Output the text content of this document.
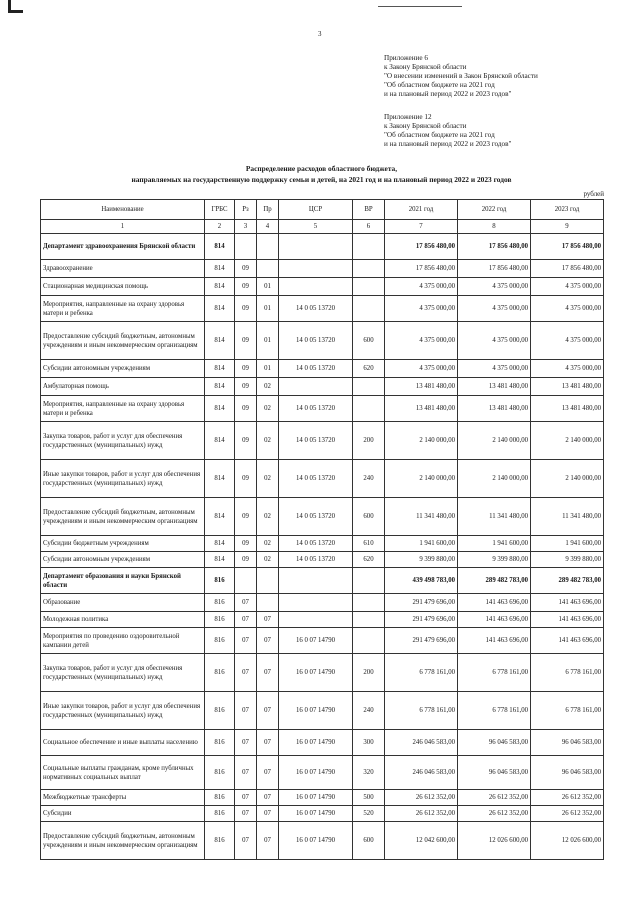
3
Приложение 6
к Закону Брянской области
"О внесении изменений в Закон Брянской области
"Об областном бюджете на 2021 год
и на плановый период 2022 и 2023 годов"
Приложение 12
к Закону Брянской области
"Об областном бюджете на 2021 год
и на плановый период 2022 и 2023 годов"
Распределение расходов областного бюджета,
направляемых на государственную поддержку семьи и детей, на 2021 год и на плановый период 2022 и 2023 годов
рублей
Наименование	ГРБС	Рз	Пр	ЦСР	ВР	2021 год	2022 год	2023 год
1	2	3	4	5	6	7	8	9
Департамент здравоохранения Брянской области	814					17 856 480,00	17 856 480,00	17 856 480,00
Здравоохранение	814	09				17 856 480,00	17 856 480,00	17 856 480,00
Стационарная медицинская помощь	814	09	01			4 375 000,00	4 375 000,00	4 375 000,00
Мероприятия, направленные на охрану здоровья матери и ребенка	814	09	01	14 0 05 13720		4 375 000,00	4 375 000,00	4 375 000,00
Предоставление субсидий бюджетным, автономным учреждениям и иным некоммерческим организациям	814	09	01	14 0 05 13720	600	4 375 000,00	4 375 000,00	4 375 000,00
Субсидии автономным учреждениям	814	09	01	14 0 05 13720	620	4 375 000,00	4 375 000,00	4 375 000,00
Амбулаторная помощь	814	09	02			13 481 480,00	13 481 480,00	13 481 480,00
Мероприятия, направленные на охрану здоровья матери и ребенка	814	09	02	14 0 05 13720		13 481 480,00	13 481 480,00	13 481 480,00
Закупка товаров, работ и услуг для обеспечения государственных (муниципальных) нужд	814	09	02	14 0 05 13720	200	2 140 000,00	2 140 000,00	2 140 000,00
Иные закупки товаров, работ и услуг для обеспечения государственных (муниципальных) нужд	814	09	02	14 0 05 13720	240	2 140 000,00	2 140 000,00	2 140 000,00
Предоставление субсидий бюджетным, автономным учреждениям и иным некоммерческим организациям	814	09	02	14 0 05 13720	600	11 341 480,00	11 341 480,00	11 341 480,00
Субсидии бюджетным учреждениям	814	09	02	14 0 05 13720	610	1 941 600,00	1 941 600,00	1 941 600,00
Субсидии автономным учреждениям	814	09	02	14 0 05 13720	620	9 399 880,00	9 399 880,00	9 399 880,00
Департамент образования и науки Брянской области	816					439 498 783,00	289 482 783,00	289 482 783,00
Образование	816	07				291 479 696,00	141 463 696,00	141 463 696,00
Молодежная политика	816	07	07			291 479 696,00	141 463 696,00	141 463 696,00
Мероприятия по проведению оздоровительной кампании детей	816	07	07	16 0 07 14790		291 479 696,00	141 463 696,00	141 463 696,00
Закупка товаров, работ и услуг для обеспечения государственных (муниципальных) нужд	816	07	07	16 0 07 14790	200	6 778 161,00	6 778 161,00	6 778 161,00
Иные закупки товаров, работ и услуг для обеспечения государственных (муниципальных) нужд	816	07	07	16 0 07 14790	240	6 778 161,00	6 778 161,00	6 778 161,00
Социальное обеспечение и иные выплаты населению	816	07	07	16 0 07 14790	300	246 046 583,00	96 046 583,00	96 046 583,00
Социальные выплаты гражданам, кроме публичных нормативных социальных выплат	816	07	07	16 0 07 14790	320	246 046 583,00	96 046 583,00	96 046 583,00
Межбюджетные трансферты	816	07	07	16 0 07 14790	500	26 612 352,00	26 612 352,00	26 612 352,00
Субсидии	816	07	07	16 0 07 14790	520	26 612 352,00	26 612 352,00	26 612 352,00
Предоставление субсидий бюджетным, автономным учреждениям и иным некоммерческим организациям	816	07	07	16 0 07 14790	600	12 042 600,00	12 026 600,00	12 026 600,00
